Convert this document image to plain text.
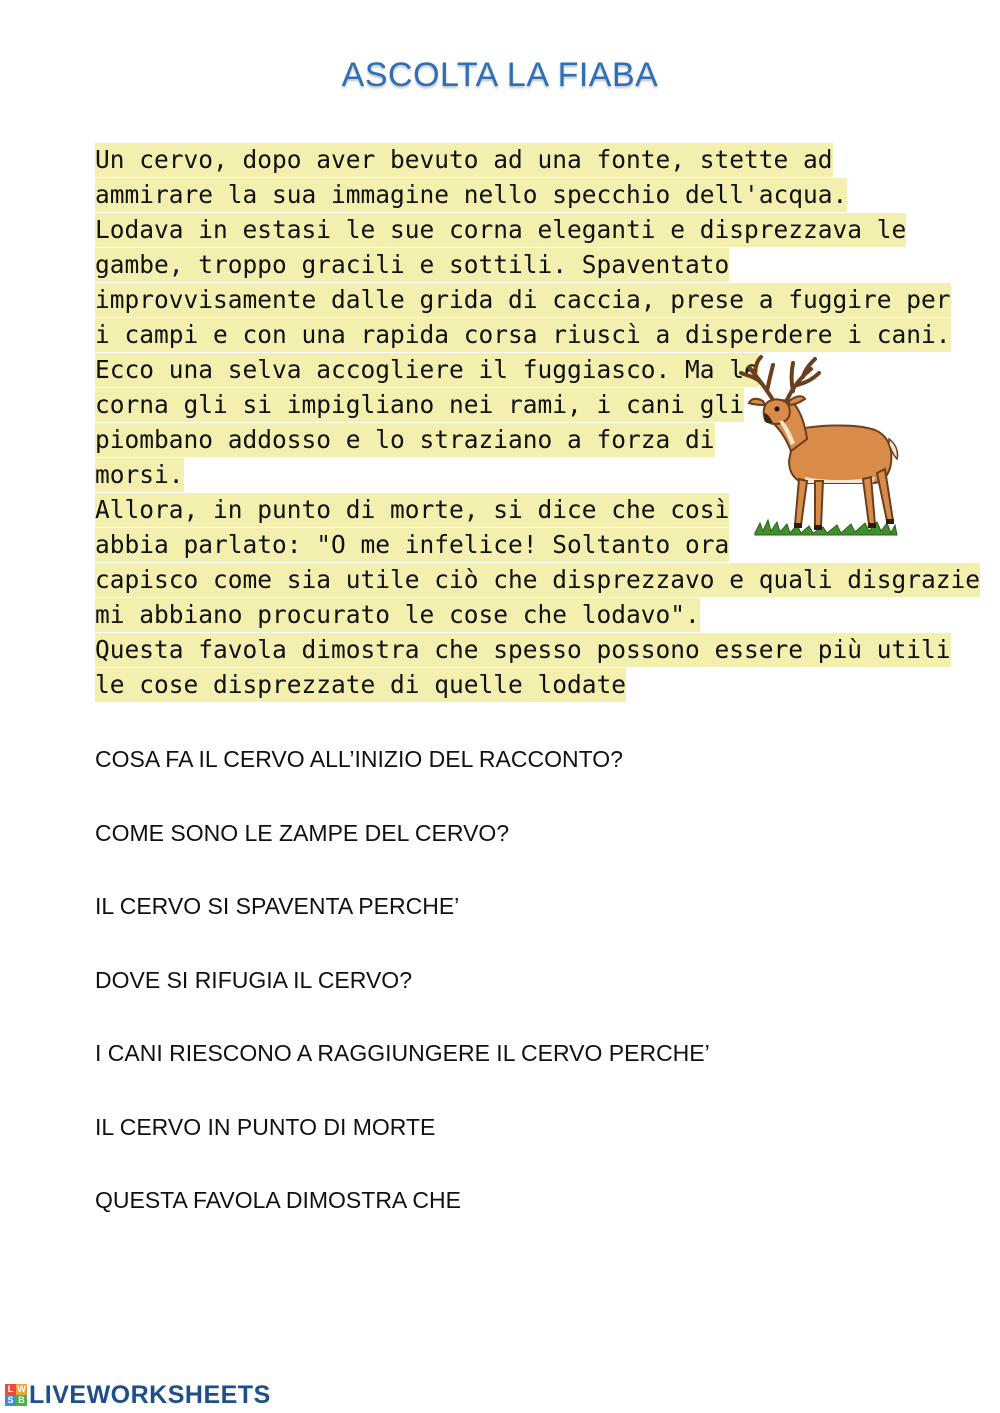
ASCOLTA LA FIABA
Un cervo, dopo aver bevuto ad una fonte, stette ad
ammirare la sua immagine nello specchio dell'acqua.
Lodava in estasi le sue corna eleganti e disprezzava le
gambe, troppo gracili e sottili. Spaventato
improvvisamente dalle grida di caccia, prese a fuggire per
i campi e con una rapida corsa riuscì a disperdere i cani.
Ecco una selva accogliere il fuggiasco. Ma le
corna gli si impigliano nei rami, i cani gli
piombano addosso e lo straziano a forza di
morsi.
Allora, in punto di morte, si dice che così
abbia parlato: "O me infelice! Soltanto ora
capisco come sia utile ciò che disprezzavo e quali disgrazie
mi abbiano procurato le cose che lodavo".
Questa favola dimostra che spesso possono essere più utili
le cose disprezzate di quelle lodate
COSA FA IL CERVO ALL’INIZIO DEL RACCONTO?
COME SONO LE ZAMPE DEL CERVO?
IL CERVO SI SPAVENTA PERCHE’
DOVE SI RIFUGIA IL CERVO?
I CANI RIESCONO A RAGGIUNGERE IL CERVO PERCHE’
IL CERVO IN PUNTO DI MORTE
QUESTA FAVOLA DIMOSTRA CHE
L W
S B LIVEWORKSHEETS
